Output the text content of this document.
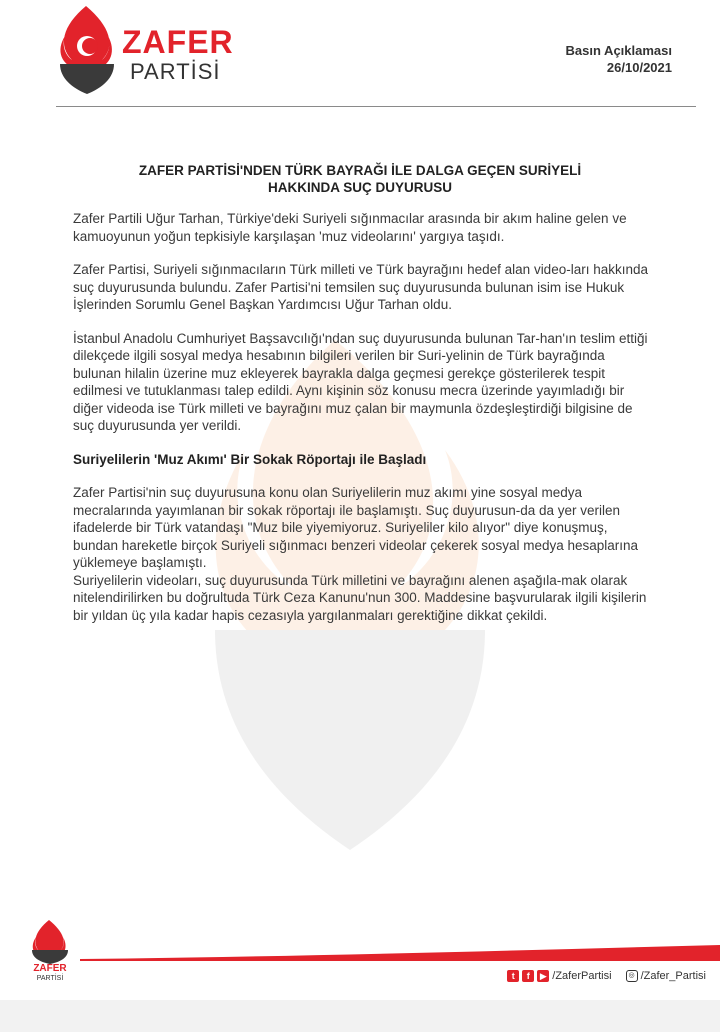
ZAFER
PARTİSİ
Basın Açıklaması
26/10/2021
ZAFER PARTİSİ'NDEN TÜRK BAYRAĞI İLE DALGA GEÇEN SURİYELİ
HAKKINDA SUÇ DUYURUSU

Zafer Partili Uğur Tarhan, Türkiye'deki Suriyeli sığınmacılar arasında bir akım haline gelen ve kamuoyunun yoğun tepkisiyle karşılaşan 'muz videolarını' yargıya taşıdı.

Zafer Partisi, Suriyeli sığınmacıların Türk milleti ve Türk bayrağını hedef alan video-ları hakkında suç duyurusunda bulundu. Zafer Partisi'ni temsilen suç duyurusunda bulunan isim ise Hukuk İşlerinden Sorumlu Genel Başkan Yardımcısı Uğur Tarhan oldu.

İstanbul Anadolu Cumhuriyet Başsavcılığı'ndan suç duyurusunda bulunan Tar-han'ın teslim ettiği dilekçede ilgili sosyal medya hesabının bilgileri verilen bir Suri-yelinin de Türk bayrağında bulunan hilalin üzerine muz ekleyerek bayrakla dalga geçmesi gerekçe gösterilerek tespit edilmesi ve tutuklanması talep edildi. Aynı kişinin söz konusu mecra üzerinde yayımladığı bir diğer videoda ise Türk milleti ve bayrağını muz çalan bir maymunla özdeşleştirdiği bilgisine de suç duyurusunda yer verildi.

Suriyelilerin 'Muz Akımı' Bir Sokak Röportajı ile Başladı

Zafer Partisi'nin suç duyurusuna konu olan Suriyelilerin muz akımı yine sosyal medya mecralarında yayımlanan bir sokak röportajı ile başlamıştı. Suç duyurusun-da da yer verilen ifadelerde bir Türk vatandaşı "Muz bile yiyemiyoruz. Suriyeliler kilo alıyor" diye konuşmuş, bundan hareketle birçok Suriyeli sığınmacı benzeri videolar çekerek sosyal medya hesaplarına yüklemeye başlamıştı.

Suriyelilerin videoları, suç duyurusunda Türk milletini ve bayrağını alenen aşağıla-mak olarak nitelendirilirken bu doğrultuda Türk Ceza Kanunu'nun 300. Maddesine başvurularak ilgili kişilerin bir yıldan üç yıla kadar hapis cezasıyla yargılanmaları gerektiğine dikkat çekildi.

ZAFER
PARTİSİ	t	f	▶ /ZaferPartisi	◎ /Zafer_Partisi
